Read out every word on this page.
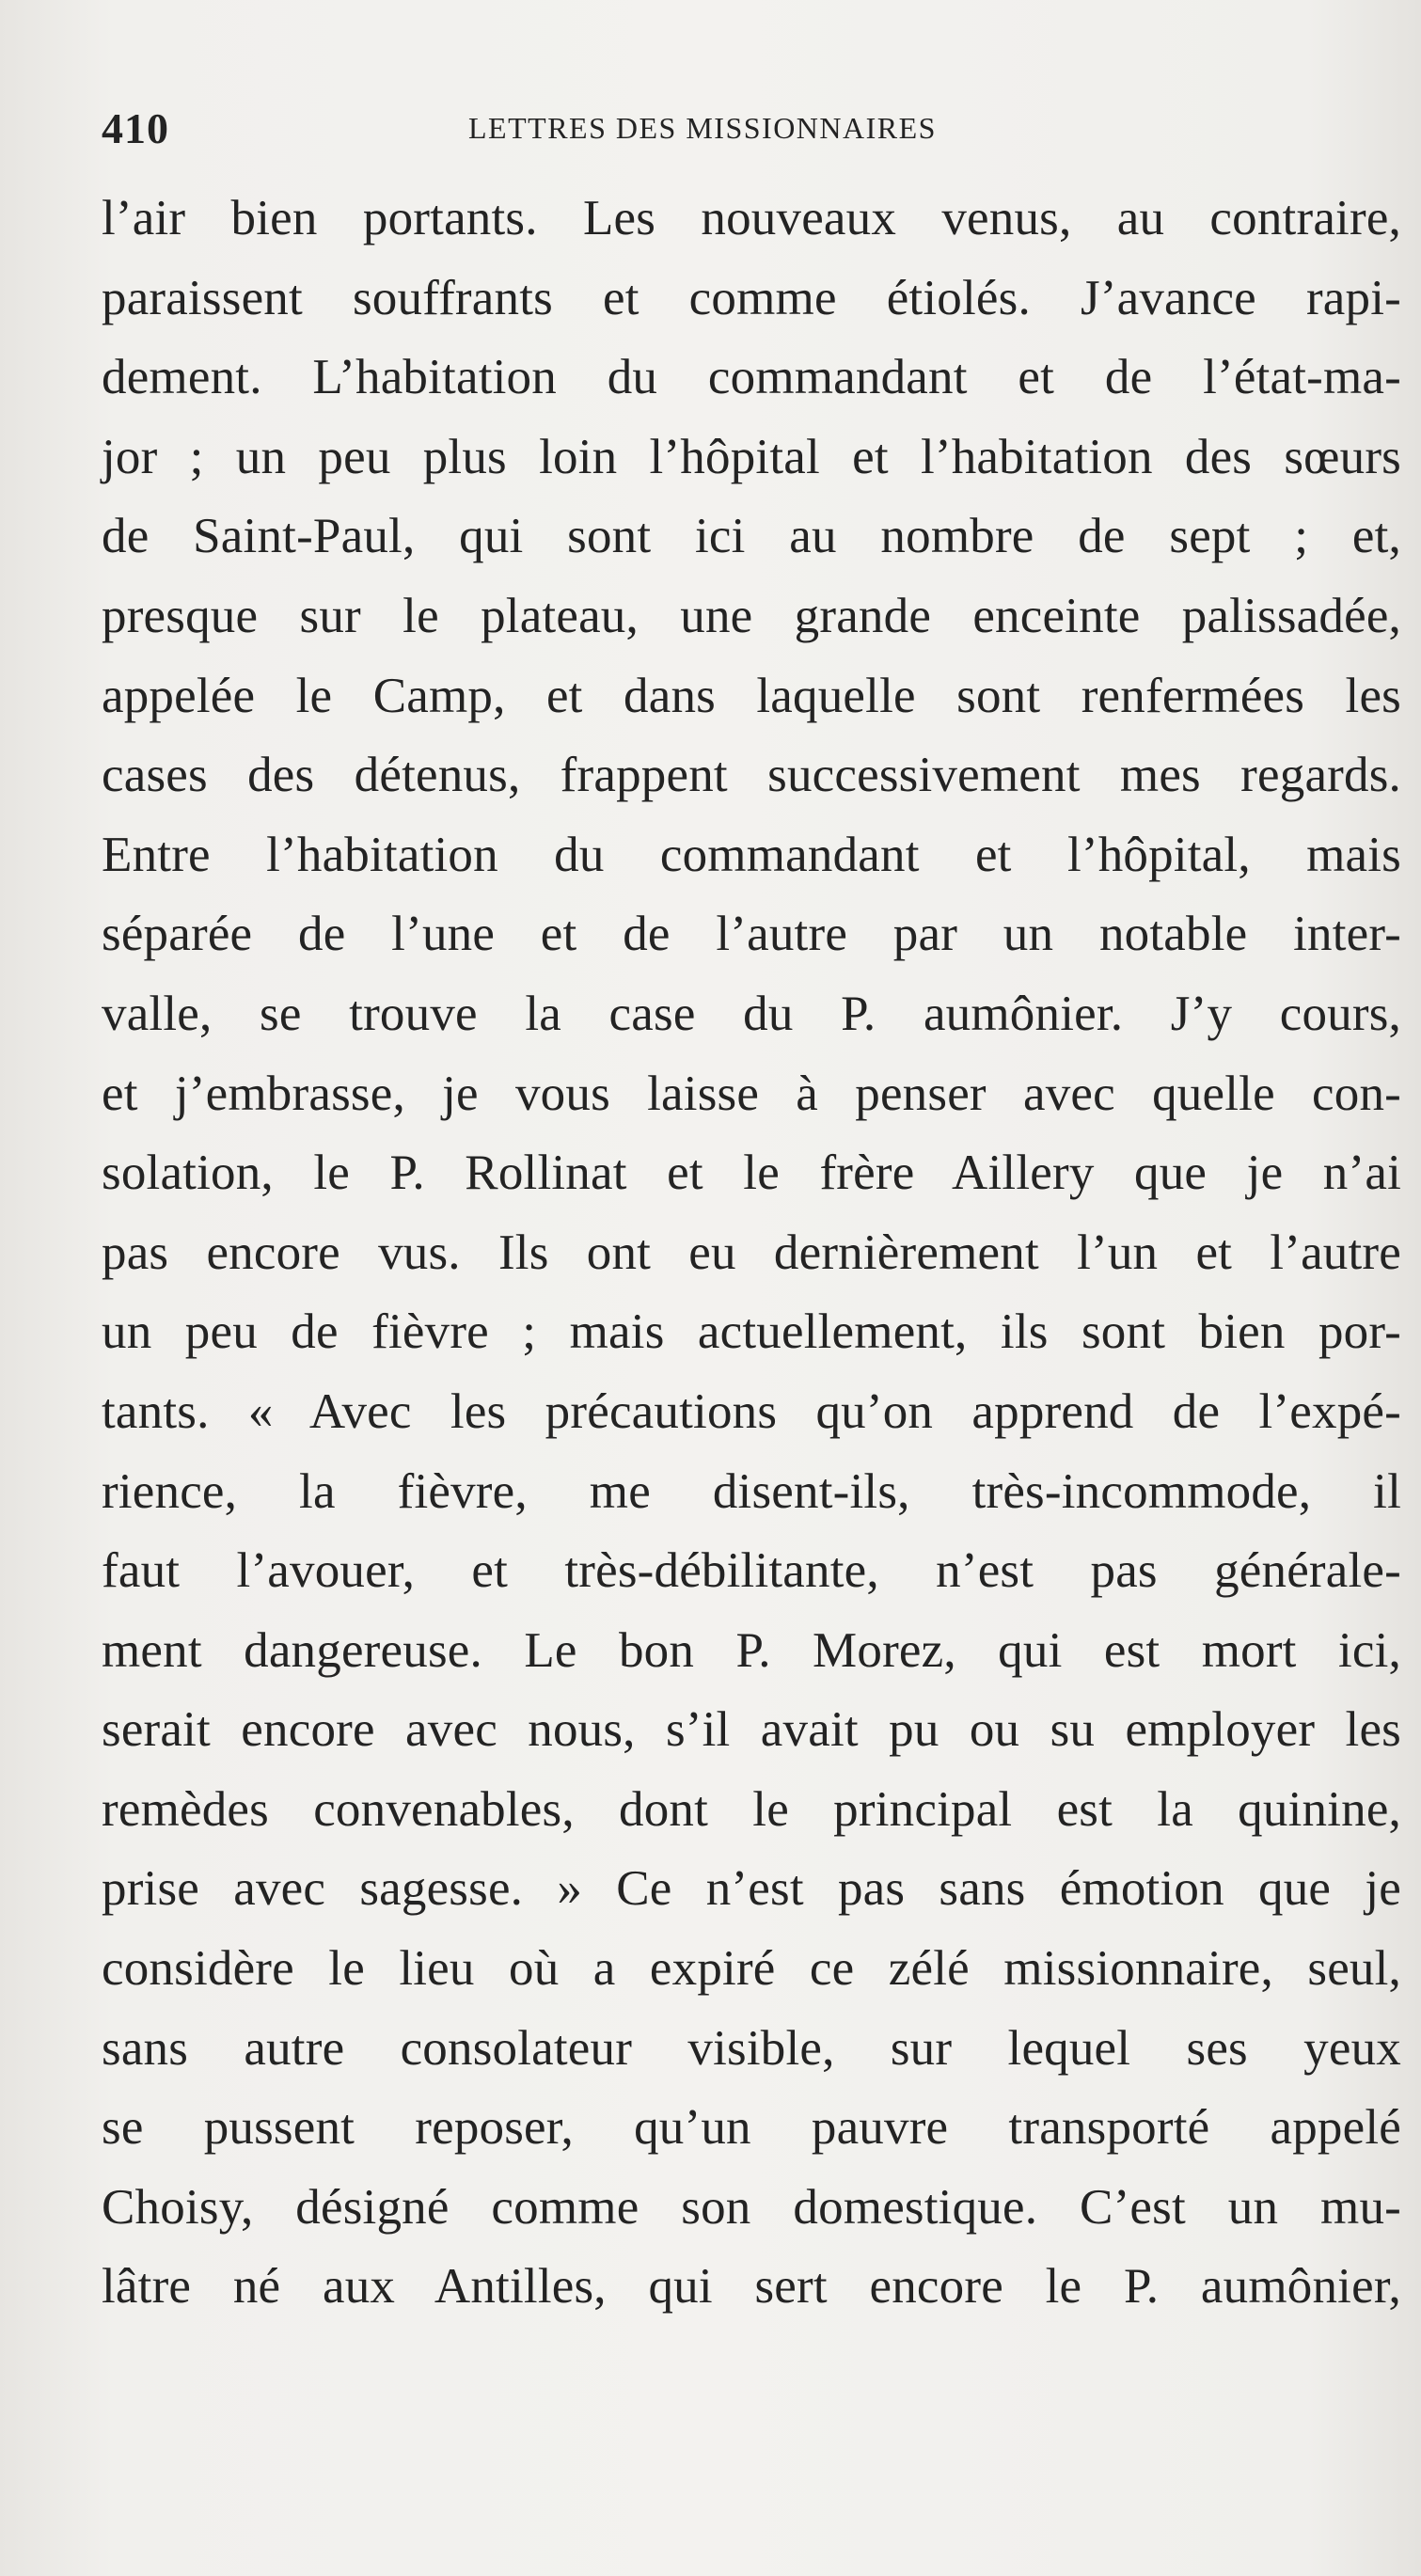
410	LETTRES DES MISSIONNAIRES
l’air bien portants. Les nouveaux venus, au contraire,
paraissent souffrants et comme étiolés. J’avance rapi-
dement. L’habitation du commandant et de l’état-ma-
jor ; un peu plus loin l’hôpital et l’habitation des sœurs
de Saint-Paul, qui sont ici au nombre de sept ; et,
presque sur le plateau, une grande enceinte palissadée,
appelée le Camp, et dans laquelle sont renfermées les
cases des détenus, frappent successivement mes regards.
Entre l’habitation du commandant et l’hôpital, mais
séparée de l’une et de l’autre par un notable inter-
valle, se trouve la case du P. aumônier. J’y cours,
et j’embrasse, je vous laisse à penser avec quelle con-
solation, le P. Rollinat et le frère Aillery que je n’ai
pas encore vus. Ils ont eu dernièrement l’un et l’autre
un peu de fièvre ; mais actuellement, ils sont bien por-
tants. « Avec les précautions qu’on apprend de l’expé-
rience, la fièvre, me disent-ils, très-incommode, il
faut l’avouer, et très-débilitante, n’est pas générale-
ment dangereuse. Le bon P. Morez, qui est mort ici,
serait encore avec nous, s’il avait pu ou su employer les
remèdes convenables, dont le principal est la quinine,
prise avec sagesse. » Ce n’est pas sans émotion que je
considère le lieu où a expiré ce zélé missionnaire, seul,
sans autre consolateur visible, sur lequel ses yeux
se pussent reposer, qu’un pauvre transporté appelé
Choisy, désigné comme son domestique. C’est un mu-
lâtre né aux Antilles, qui sert encore le P. aumônier,
